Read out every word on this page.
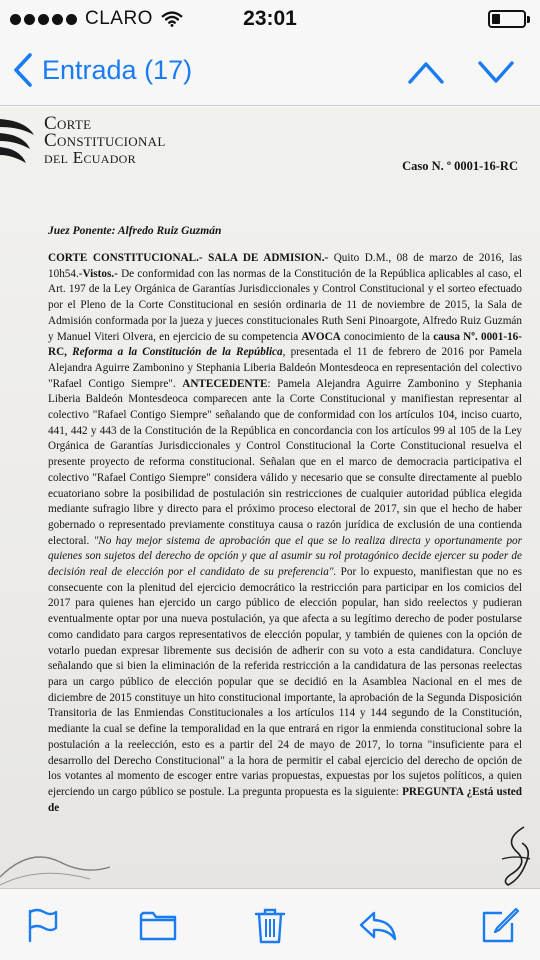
CLARO	23:01
Entrada (17)
Corte
Constitucional
del Ecuador	Caso N. º 0001-16-RC
Juez Ponente: Alfredo Ruiz Guzmán
CORTE CONSTITUCIONAL.- SALA DE ADMISION.- Quito D.M., 08 de marzo de 2016, las 10h54.-Vistos.- De conformidad con las normas de la Constitución de la República aplicables al caso, el Art. 197 de la Ley Orgánica de Garantías Jurisdiccionales y Control Constitucional y el sorteo efectuado por el Pleno de la Corte Constitucional en sesión ordinaria de 11 de noviembre de 2015, la Sala de Admisión conformada por la jueza y jueces constitucionales Ruth Seni Pinoargote, Alfredo Ruiz Guzmán y Manuel Viteri Olvera, en ejercicio de su competencia AVOCA conocimiento de la causa Nº. 0001-16-RC, Reforma a la Constitución de la República, presentada el 11 de febrero de 2016 por Pamela Alejandra Aguirre Zambonino y Stephania Liberia Baldeón Montesdeoca en representación del colectivo "Rafael Contigo Siempre". ANTECEDENTE: Pamela Alejandra Aguirre Zambonino y Stephania Liberia Baldeón Montesdeoca comparecen ante la Corte Constitucional y manifiestan representar al colectivo "Rafael Contigo Siempre" señalando que de conformidad con los artículos 104, inciso cuarto, 441, 442 y 443 de la Constitución de la República en concordancia con los artículos 99 al 105 de la Ley Orgánica de Garantías Jurisdiccionales y Control Constitucional la Corte Constitucional resuelva el presente proyecto de reforma constitucional. Señalan que en el marco de democracia participativa el colectivo "Rafael Contigo Siempre" considera válido y necesario que se consulte directamente al pueblo ecuatoriano sobre la posibilidad de postulación sin restricciones de cualquier autoridad pública elegida mediante sufragio libre y directo para el próximo proceso electoral de 2017, sin que el hecho de haber gobernado o representado previamente constituya causa o razón jurídica de exclusión de una contienda electoral. "No hay mejor sistema de aprobación que el que se lo realiza directa y oportunamente por quienes son sujetos del derecho de opción y que al asumir su rol protagónico decide ejercer su poder de decisión real de elección por el candidato de su preferencia". Por lo expuesto, manifiestan que no es consecuente con la plenitud del ejercicio democrático la restricción para participar en los comicios del 2017 para quienes han ejercido un cargo público de elección popular, han sido reelectos y pudieran eventualmente optar por una nueva postulación, ya que afecta a su legítimo derecho de poder postularse como candidato para cargos representativos de elección popular, y también de quienes con la opción de votarlo puedan expresar libremente sus decisión de adherir con su voto a esta candidatura. Concluye señalando que si bien la eliminación de la referida restricción a la candidatura de las personas reelectas para un cargo público de elección popular que se decidió en la Asamblea Nacional en el mes de diciembre de 2015 constituye un hito constitucional importante, la aprobación de la Segunda Disposición Transitoria de las Enmiendas Constitucionales a los artículos 114 y 144 segundo de la Constitución, mediante la cual se define la temporalidad en la que entrará en rigor la enmienda constitucional sobre la postulación a la reelección, esto es a partir del 24 de mayo de 2017, lo torna "insuficiente para el desarrollo del Derecho Constitucional" a la hora de permitir el cabal ejercicio del derecho de opción de los votantes al momento de escoger entre varias propuestas, expuestas por los sujetos políticos, a quien ejerciendo un cargo público se postule. La pregunta propuesta es la siguiente: PREGUNTA ¿Está usted de
